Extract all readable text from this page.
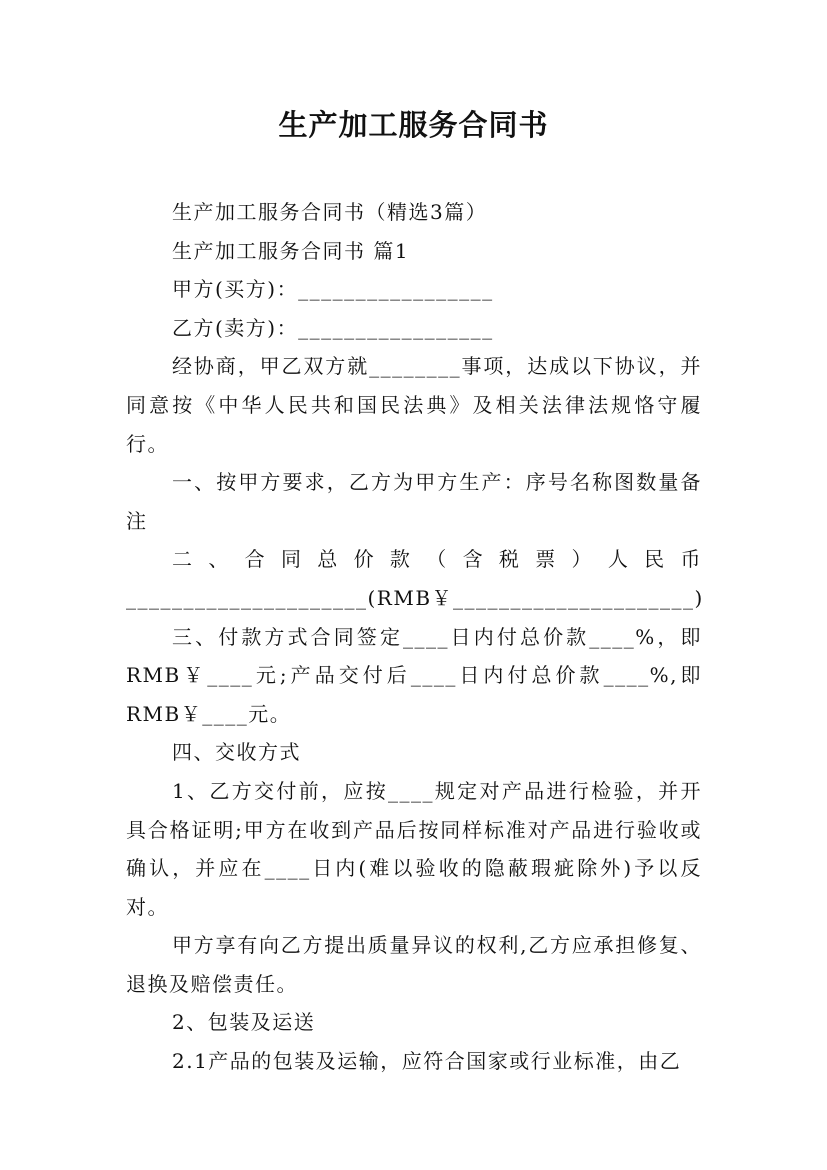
生产加工服务合同书

生产加工服务合同书（精选3篇）

生产加工服务合同书 篇1

甲方(买方)：_________________

乙方(卖方)：_________________

经协商，甲乙双方就________事项，达成以下协议，并同意按《中华人民共和国民法典》及相关法律法规恪守履行。

一、按甲方要求，乙方为甲方生产：序号名称图数量备注

二、合同总价款（含税票）人民币

_____________________(RMB￥_____________________)

三、付款方式合同签定____日内付总价款____%，即RMB￥____元;产品交付后____日内付总价款____%,即RMB￥____元。

四、交收方式

1、乙方交付前，应按____规定对产品进行检验，并开具合格证明;甲方在收到产品后按同样标准对产品进行验收或确认，并应在____日内(难以验收的隐蔽瑕疵除外)予以反对。

甲方享有向乙方提出质量异议的权利,乙方应承担修复、退换及赔偿责任。

2、包装及运送

2.1产品的包装及运输，应符合国家或行业标准，由乙
